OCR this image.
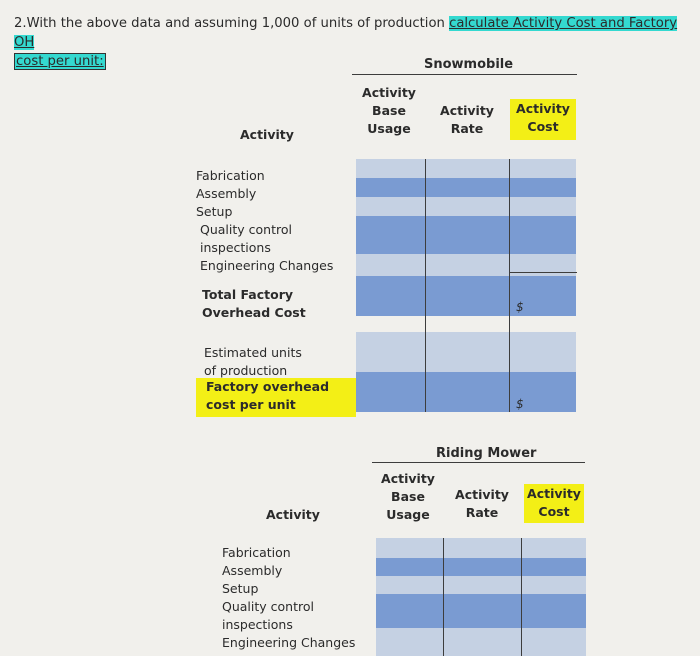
2.With the above data and assuming 1,000 of units of production calculate Activity Cost and Factory OH
cost per unit:	Snowmobile
Activity
Base
Usage
Activity
Rate
Activity
Cost
Activity
$
$
Fabrication
Assembly
Setup
Quality control
inspections
Engineering Changes
Total Factory
Overhead Cost
Estimated units
of production
Factory overhead
cost per unit
Riding Mower
Activity
Base
Usage
Activity
Rate
Activity
Cost
Activity
Fabrication
Assembly
Setup
Quality control
inspections
Engineering Changes
